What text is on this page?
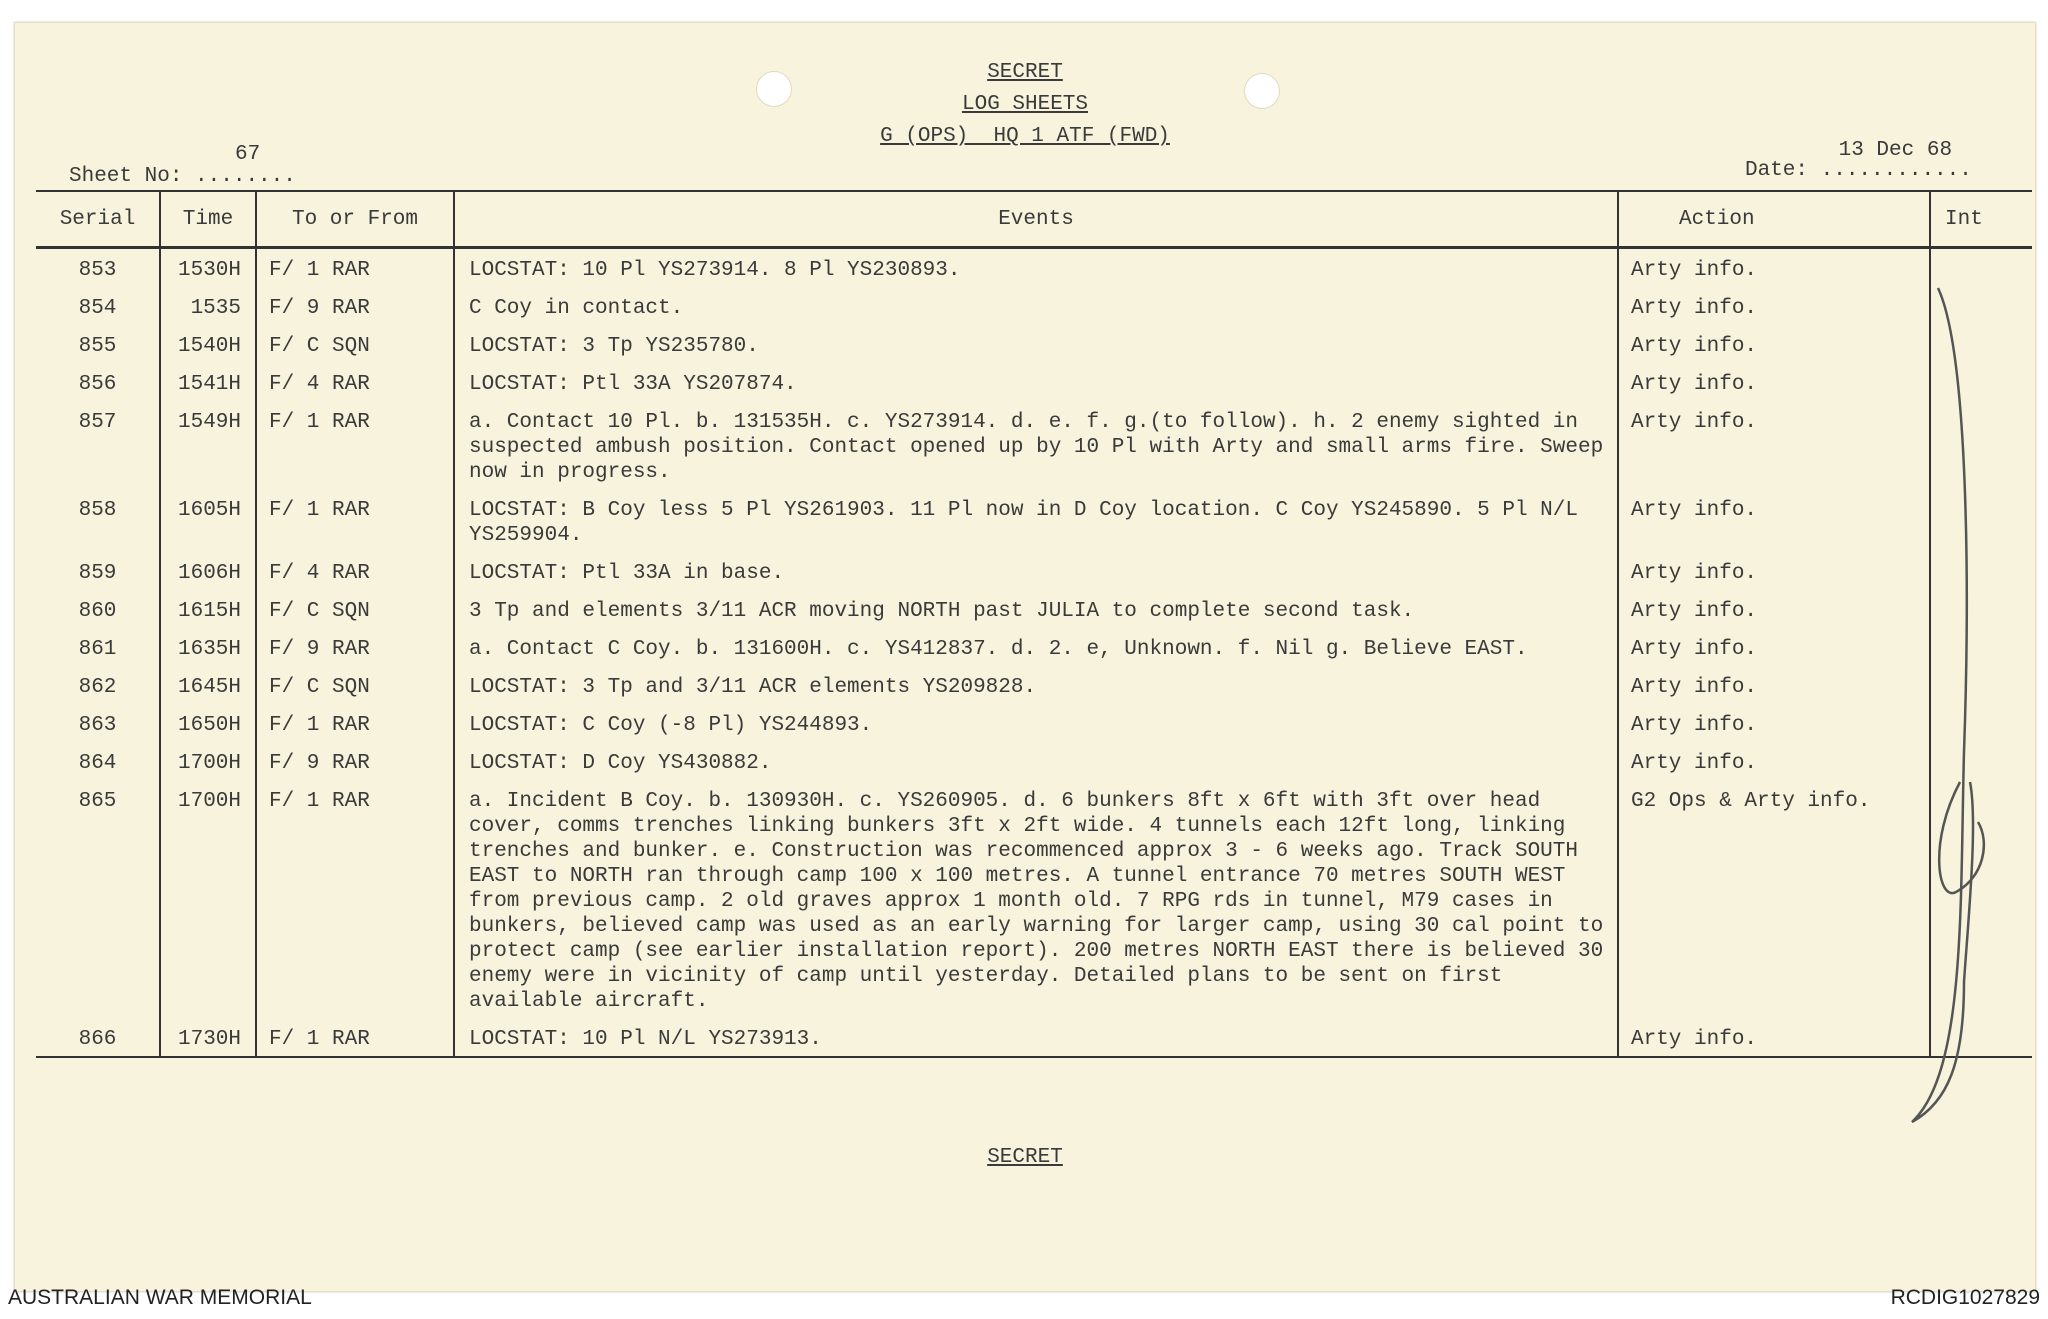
SECRET
LOG SHEETS
G (OPS)  HQ 1 ATF (FWD)
Sheet No: ........
67
Date: ............
13 Dec 68
SECRET
Serial	Time	To or From	Events	Action	Int
853	1530H	F/ 1 RAR	LOCSTAT: 10 Pl YS273914. 8 Pl YS230893.	Arty info.	
854	1535	F/ 9 RAR	C Coy in contact.	Arty info.	
855	1540H	F/ C SQN	LOCSTAT: 3 Tp YS235780.	Arty info.	
856	1541H	F/ 4 RAR	LOCSTAT: Ptl 33A YS207874.	Arty info.	
857	1549H	F/ 1 RAR	a. Contact 10 Pl. b. 131535H. c. YS273914. d. e. f. g.(to follow). h. 2 enemy sighted in suspected ambush position. Contact opened up by 10 Pl with Arty and small arms fire. Sweep now in progress.	Arty info.	
858	1605H	F/ 1 RAR	LOCSTAT: B Coy less 5 Pl YS261903. 11 Pl now in D Coy location. C Coy YS245890. 5 Pl N/L YS259904.	Arty info.	
859	1606H	F/ 4 RAR	LOCSTAT: Ptl 33A in base.	Arty info.	
860	1615H	F/ C SQN	3 Tp and elements 3/11 ACR moving NORTH past JULIA to complete second task.	Arty info.	
861	1635H	F/ 9 RAR	a. Contact C Coy. b. 131600H. c. YS412837. d. 2. e, Unknown. f. Nil g. Believe EAST.	Arty info.	
862	1645H	F/ C SQN	LOCSTAT: 3 Tp and 3/11 ACR elements YS209828.	Arty info.	
863	1650H	F/ 1 RAR	LOCSTAT: C Coy (-8 Pl) YS244893.	Arty info.	
864	1700H	F/ 9 RAR	LOCSTAT: D Coy YS430882.	Arty info.	
865	1700H	F/ 1 RAR	a. Incident B Coy. b. 130930H. c. YS260905. d. 6 bunkers 8ft x 6ft with 3ft over head cover, comms trenches linking bunkers 3ft x 2ft wide. 4 tunnels each 12ft long, linking trenches and bunker. e. Construction was recommenced approx 3 - 6 weeks ago. Track SOUTH EAST to NORTH ran through camp 100 x 100 metres. A tunnel entrance 70 metres SOUTH WEST from previous camp. 2 old graves approx 1 month old. 7 RPG rds in tunnel, M79 cases in bunkers, believed camp was used as an early warning for larger camp, using 30 cal point to protect camp (see earlier installation report). 200 metres NORTH EAST there is believed 30 enemy were in vicinity of camp until yesterday. Detailed plans to be sent on first available aircraft.	G2 Ops & Arty info.	
866	1730H	F/ 1 RAR	LOCSTAT: 10 Pl N/L YS273913.	Arty info.	
AUSTRALIAN WAR MEMORIAL	RCDIG1027829
